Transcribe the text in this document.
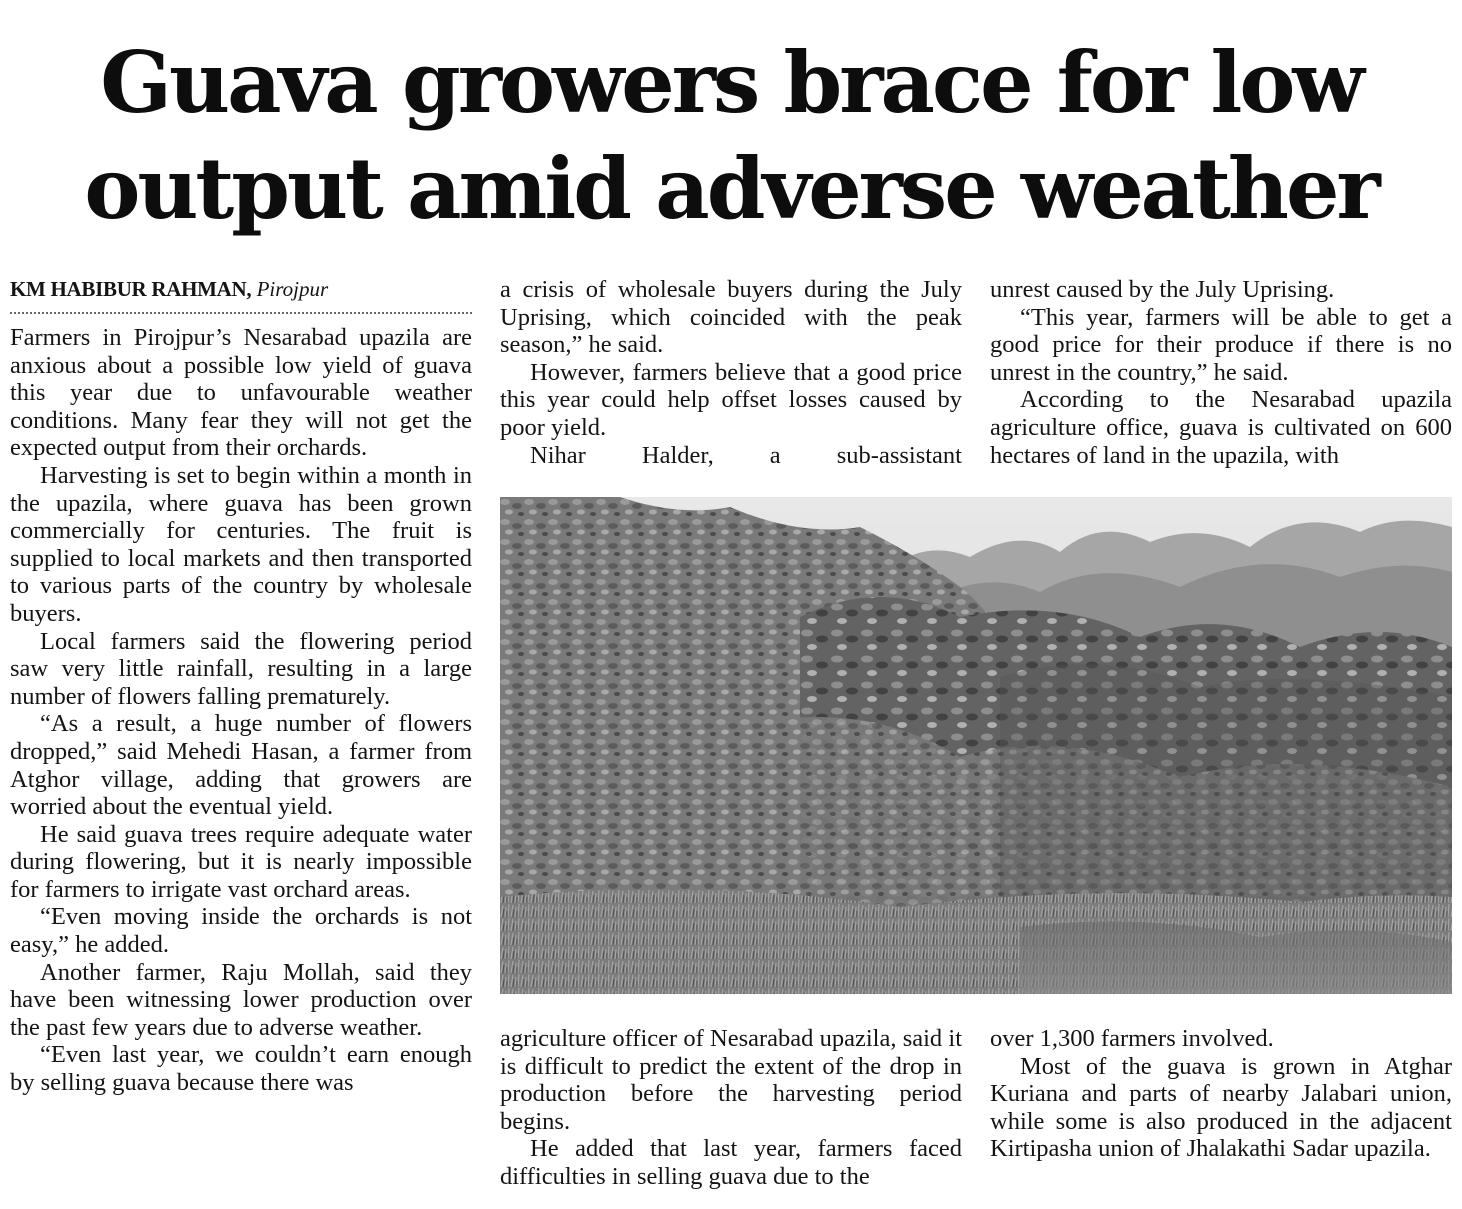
Guava growers brace for low
output amid adverse weather
KM HABIBUR RAHMAN, Pirojpur

Farmers in Pirojpur’s Nesarabad upazila are anxious about a possible low yield of guava this year due to unfavourable weather conditions. Many fear they will not get the expected output from their orchards.

Harvesting is set to begin within a month in the upazila, where guava has been grown commercially for centuries. The fruit is supplied to local markets and then transported to various parts of the country by wholesale buyers.

Local farmers said the flowering period saw very little rainfall, resulting in a large number of flowers falling prematurely.

“As a result, a huge number of flowers dropped,” said Mehedi Hasan, a farmer from Atghor village, adding that growers are worried about the eventual yield.

He said guava trees require adequate water during flowering, but it is nearly impossible for farmers to irrigate vast orchard areas.

“Even moving inside the orchards is not easy,” he added.

Another farmer, Raju Mollah, said they have been witnessing lower production over the past few years due to adverse weather.

“Even last year, we couldn’t earn enough by selling guava because there was

a crisis of wholesale buyers during the July Uprising, which coincided with the peak season,” he said.

However, farmers believe that a good price this year could help offset losses caused by poor yield.

Nihar Halder, a sub-assistant

unrest caused by the July Uprising.

“This year, farmers will be able to get a good price for their produce if there is no unrest in the country,” he said.

According to the Nesarabad upazila agriculture office, guava is cultivated on 600 hectares of land in the upazila, with

agriculture officer of Nesarabad upazila, said it is difficult to predict the extent of the drop in production before the harvesting period begins.

He added that last year, farmers faced difficulties in selling guava due to the

over 1,300 farmers involved.

Most of the guava is grown in Atghar Kuriana and parts of nearby Jalabari union, while some is also produced in the adjacent Kirtipasha union of Jhalakathi Sadar upazila.
